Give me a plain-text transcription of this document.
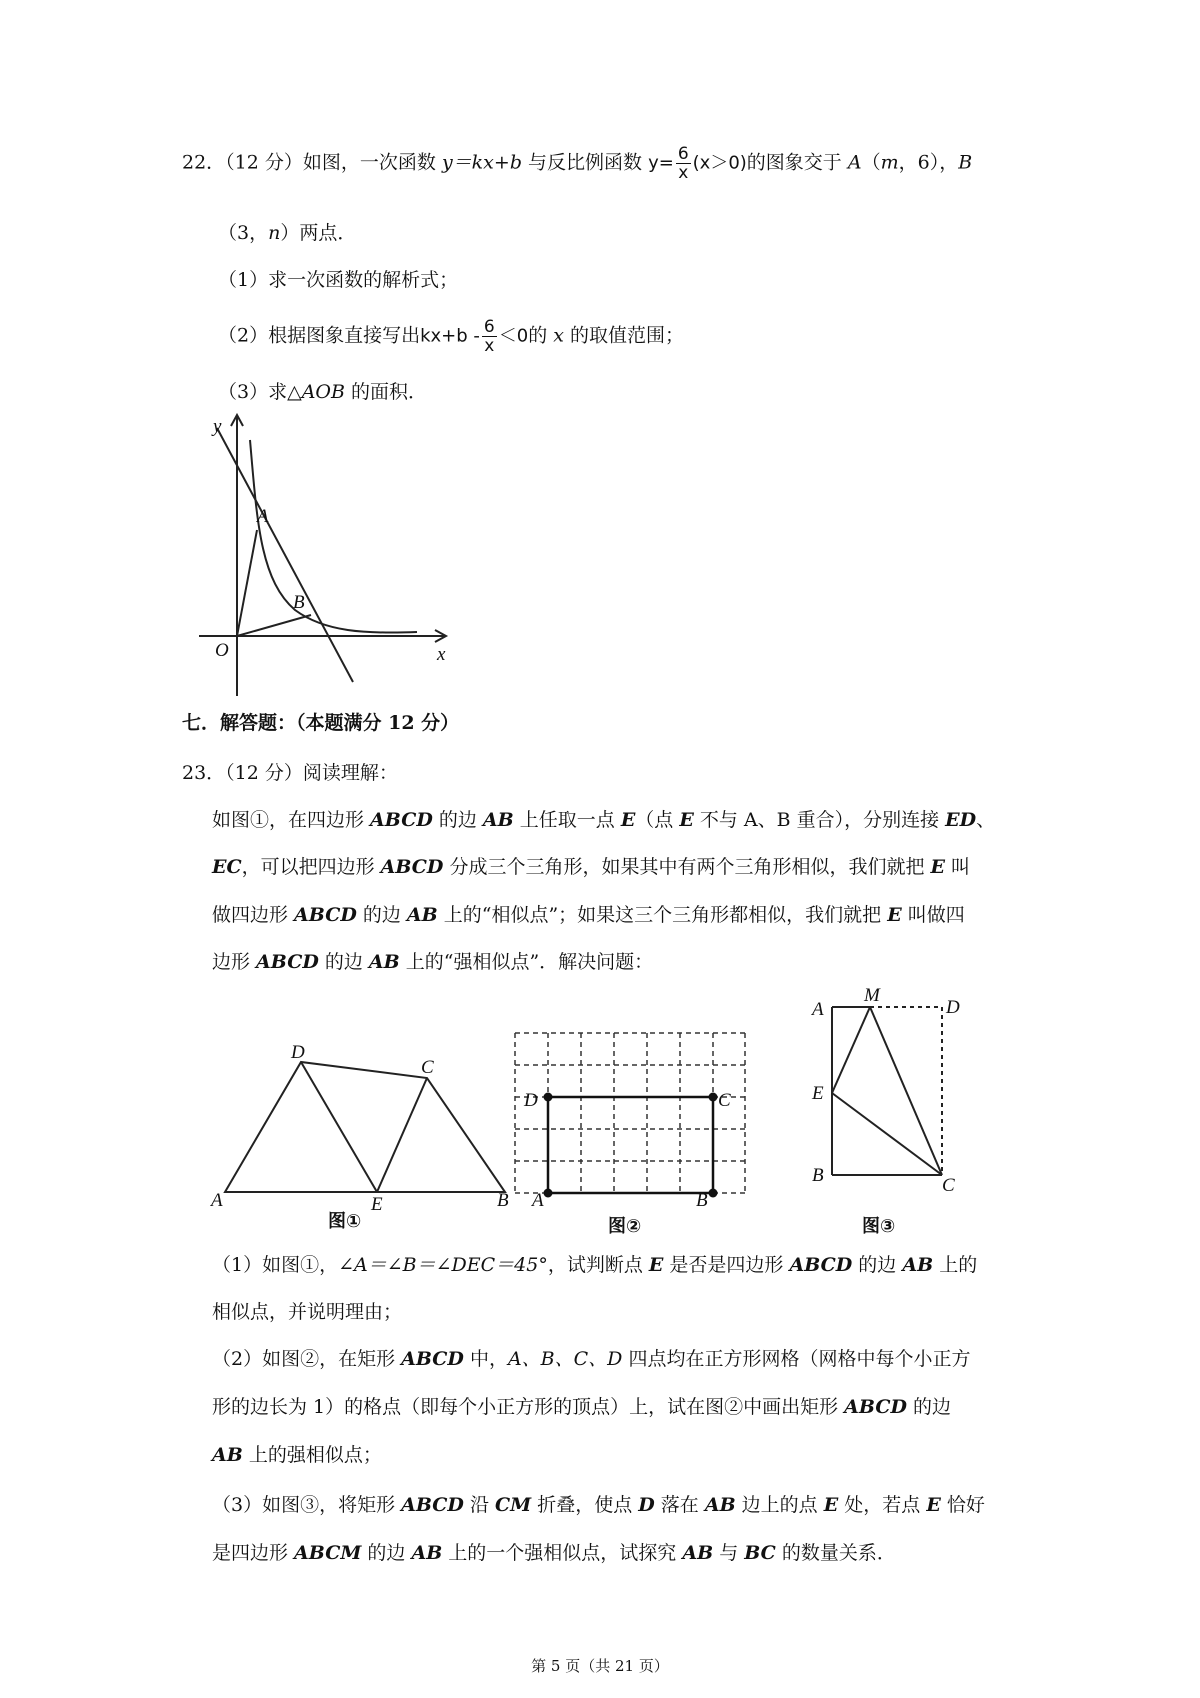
22．（12 分）如图，一次函数 y＝kx+b 与反比例函数 $y= \frac{6}{x} (x>0)$的图象交于 A（m，6），B
（3，n）两点．
（1）求一次函数的解析式；
（2）根据图象直接写出$kx+b - \frac{6}{x} <0$的 x 的取值范围；
（3）求△AOB 的面积．
y
x
O
A
B
七．解答题：（本题满分 12 分）
23．（12 分）阅读理解：
如图①，在四边形 ABCD 的边 AB 上任取一点 E（点 E 不与 A、B 重合），分别连接 ED、
EC，可以把四边形 ABCD 分成三个三角形，如果其中有两个三角形相似，我们就把 E 叫
做四边形 ABCD 的边 AB 上的“相似点”；如果这三个三角形都相似，我们就把 E 叫做四
边形 ABCD 的边 AB 上的“强相似点”．解决问题：
A	B
C
D
E
图①
D	C
A	B
图②
A
M
D
E
B	C
图③
（1）如图①，∠A＝∠B＝∠DEC＝45°，试判断点 E 是否是四边形 ABCD 的边 AB 上的
相似点，并说明理由；
（2）如图②，在矩形 ABCD 中，A、B、C、D 四点均在正方形网格（网格中每个小正方
形的边长为 1）的格点（即每个小正方形的顶点）上，试在图②中画出矩形 ABCD 的边
AB 上的强相似点；
（3）如图③，将矩形 ABCD 沿 CM 折叠，使点 D 落在 AB 边上的点 E 处，若点 E 恰好
是四边形 ABCM 的边 AB 上的一个强相似点，试探究 AB 与 BC 的数量关系．
第 5 页（共 21 页）
